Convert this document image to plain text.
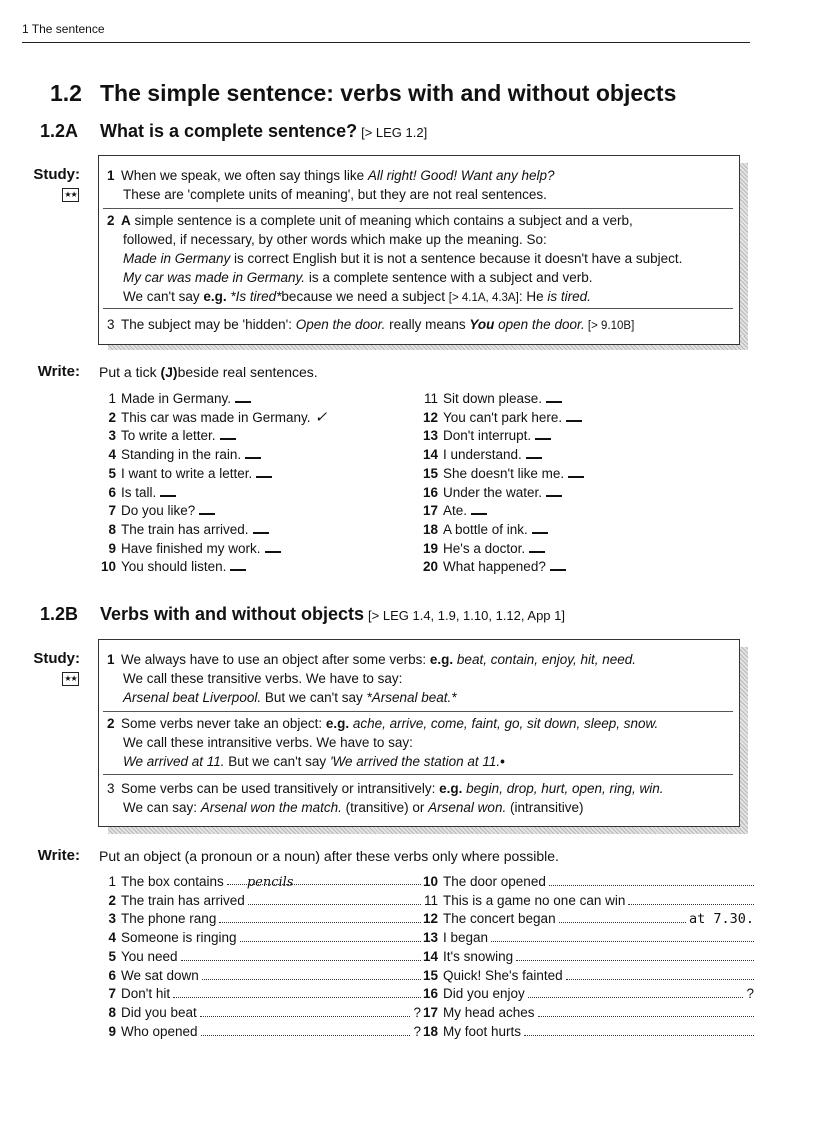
1 The sentence
1.2 The simple sentence: verbs with and without objects
1.2A What is a complete sentence? [> LEG 1.2]
Study:
★★
1 When we speak, we often say things like All right! Good! Want any help?
These are 'complete units of meaning', but they are not real sentences.
2 A simple sentence is a complete unit of meaning which contains a subject and a verb,
followed, if necessary, by other words which make up the meaning. So:
Made in Germany is correct English but it is not a sentence because it doesn't have a subject.
My car was made in Germany. is a complete sentence with a subject and verb.
We can't say e.g. *Is tired*because we need a subject [> 4.1A, 4.3A]: He is tired.
3 The subject may be 'hidden': Open the door. really means You open the door. [> 9.10B]
Write: Put a tick (J)beside real sentences.
1 Made in Germany.
2 This car was made in Germany. ✓
3 To write a letter.
4 Standing in the rain.
5 I want to write a letter.
6 Is tall.
7 Do you like?
8 The train has arrived.
9 Have finished my work.
10 You should listen.
11 Sit down please.
12 You can't park here.
13 Don't interrupt.
14 I understand.
15 She doesn't like me.
16 Under the water.
17 Ate.
18 A bottle of ink.
19 He's a doctor.
20 What happened?
1.2B Verbs with and without objects [> LEG 1.4, 1.9, 1.10, 1.12, App 1]
Study:
★★
1 We always have to use an object after some verbs: e.g. beat, contain, enjoy, hit, need.
We call these transitive verbs. We have to say:
Arsenal beat Liverpool. But we can't say *Arsenal beat.*
2 Some verbs never take an object: e.g. ache, arrive, come, faint, go, sit down, sleep, snow.
We call these intransitive verbs. We have to say:
We arrived at 11. But we can't say 'We arrived the station at 11.•
3 Some verbs can be used transitively or intransitively: e.g. begin, drop, hurt, open, ring, win.
We can say: Arsenal won the match. (transitive) or Arsenal won. (intransitive)
Write: Put an object (a pronoun or a noun) after these verbs only where possible.
1 The box contains	pencils
2 The train has arrived
3 The phone rang
4 Someone is ringing
5 You need
6 We sat down
7 Don't hit
8 Did you beat	?
9 Who opened	?
10 The door opened
11 This is a game no one can win
12 The concert began	at 7.30.
13 I began
14 It's snowing
15 Quick! She's fainted
16 Did you enjoy	?
17 My head aches
18 My foot hurts
